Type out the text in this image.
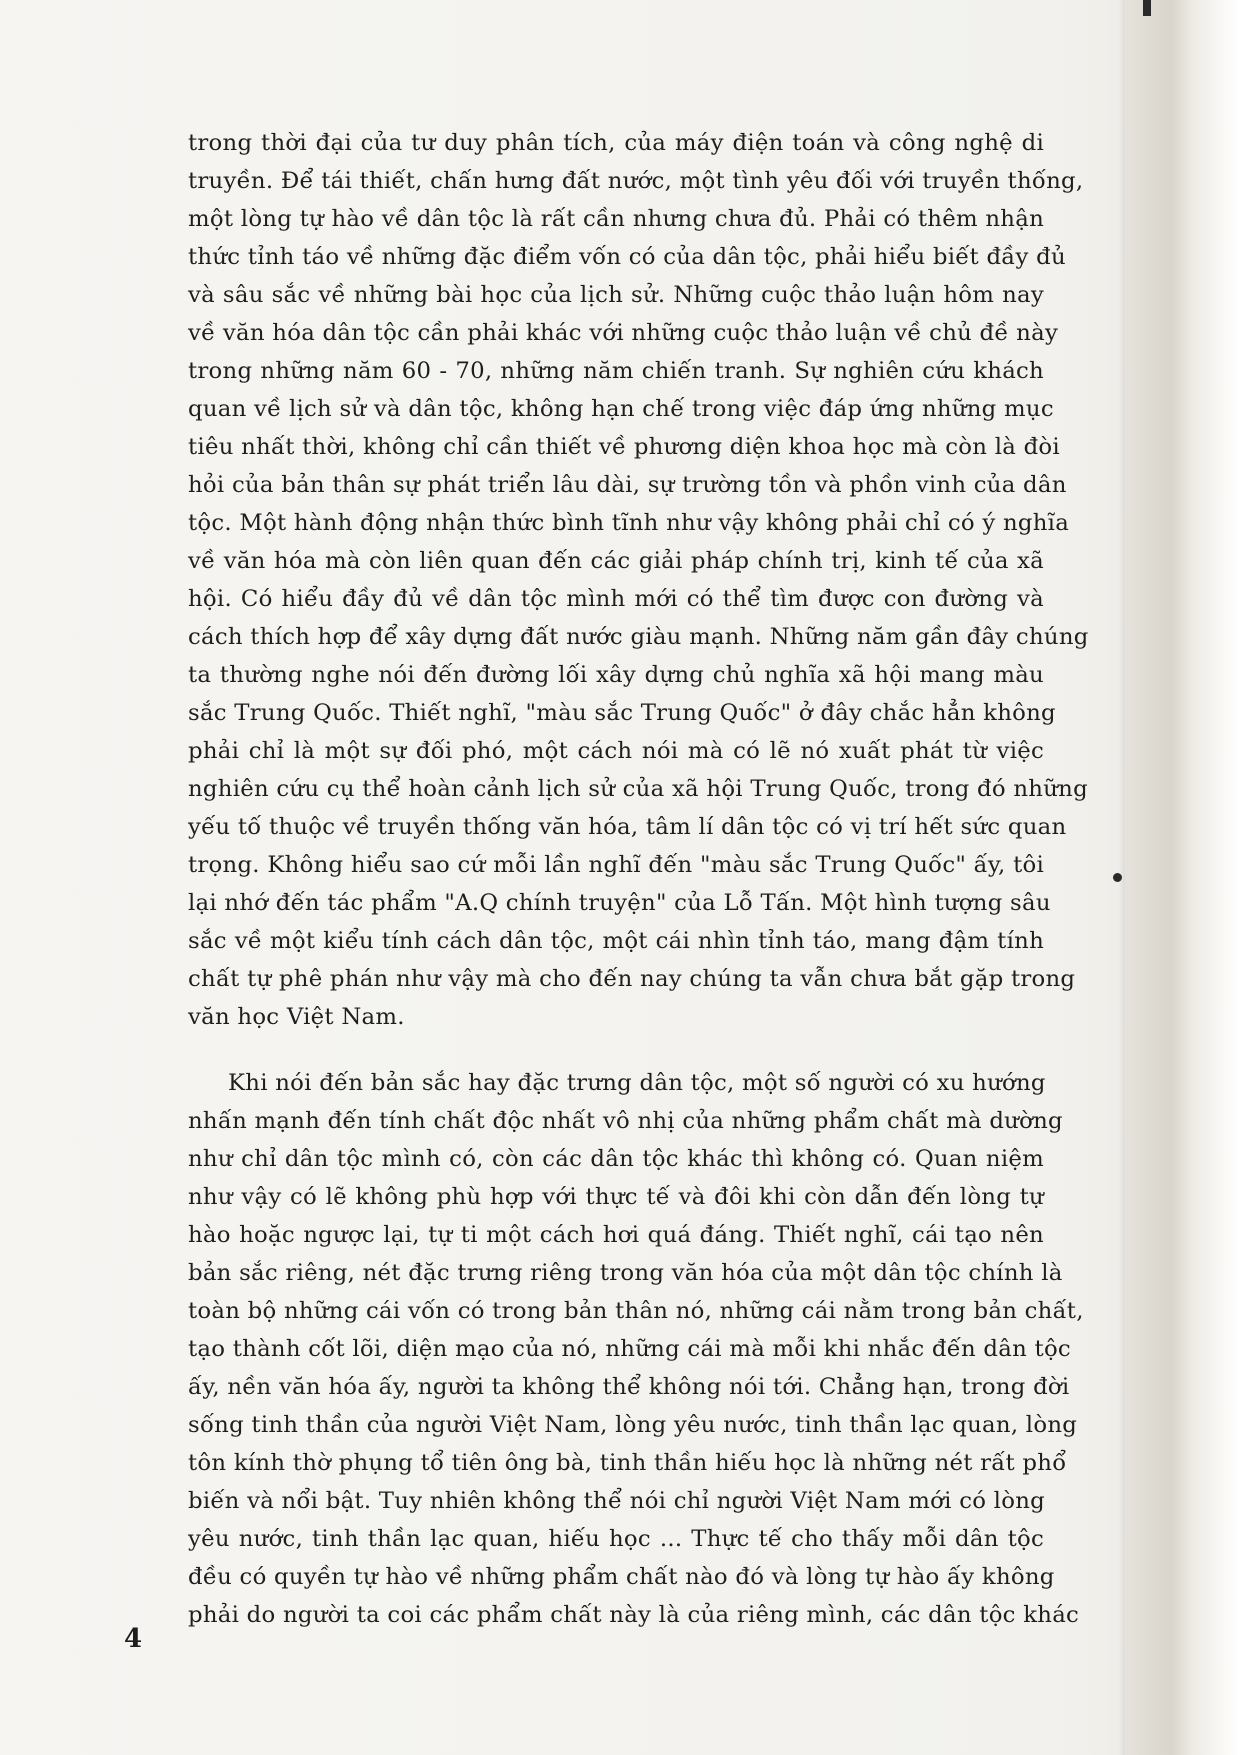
trong thời đại của tư duy phân tích, của máy điện toán và công nghệ di
truyền. Để tái thiết, chấn hưng đất nước, một tình yêu đối với truyền thống,
một lòng tự hào về dân tộc là rất cần nhưng chưa đủ. Phải có thêm nhận
thức tỉnh táo về những đặc điểm vốn có của dân tộc, phải hiểu biết đầy đủ
và sâu sắc về những bài học của lịch sử. Những cuộc thảo luận hôm nay
về văn hóa dân tộc cần phải khác với những cuộc thảo luận về chủ đề này
trong những năm 60 - 70, những năm chiến tranh. Sự nghiên cứu khách
quan về lịch sử và dân tộc, không hạn chế trong việc đáp ứng những mục
tiêu nhất thời, không chỉ cần thiết về phương diện khoa học mà còn là đòi
hỏi của bản thân sự phát triển lâu dài, sự trường tồn và phồn vinh của dân
tộc. Một hành động nhận thức bình tĩnh như vậy không phải chỉ có ý nghĩa
về văn hóa mà còn liên quan đến các giải pháp chính trị, kinh tế của xã
hội. Có hiểu đầy đủ về dân tộc mình mới có thể tìm được con đường và
cách thích hợp để xây dựng đất nước giàu mạnh. Những năm gần đây chúng
ta thường nghe nói đến đường lối xây dựng chủ nghĩa xã hội mang màu
sắc Trung Quốc. Thiết nghĩ, "màu sắc Trung Quốc" ở đây chắc hẳn không
phải chỉ là một sự đối phó, một cách nói mà có lẽ nó xuất phát từ việc
nghiên cứu cụ thể hoàn cảnh lịch sử của xã hội Trung Quốc, trong đó những
yếu tố thuộc về truyền thống văn hóa, tâm lí dân tộc có vị trí hết sức quan
trọng. Không hiểu sao cứ mỗi lần nghĩ đến "màu sắc Trung Quốc" ấy, tôi
lại nhớ đến tác phẩm "A.Q chính truyện" của Lỗ Tấn. Một hình tượng sâu
sắc về một kiểu tính cách dân tộc, một cái nhìn tỉnh táo, mang đậm tính
chất tự phê phán như vậy mà cho đến nay chúng ta vẫn chưa bắt gặp trong
văn học Việt Nam.
Khi nói đến bản sắc hay đặc trưng dân tộc, một số người có xu hướng
nhấn mạnh đến tính chất độc nhất vô nhị của những phẩm chất mà dường
như chỉ dân tộc mình có, còn các dân tộc khác thì không có. Quan niệm
như vậy có lẽ không phù hợp với thực tế và đôi khi còn dẫn đến lòng tự
hào hoặc ngược lại, tự ti một cách hơi quá đáng. Thiết nghĩ, cái tạo nên
bản sắc riêng, nét đặc trưng riêng trong văn hóa của một dân tộc chính là
toàn bộ những cái vốn có trong bản thân nó, những cái nằm trong bản chất,
tạo thành cốt lõi, diện mạo của nó, những cái mà mỗi khi nhắc đến dân tộc
ấy, nền văn hóa ấy, người ta không thể không nói tới. Chẳng hạn, trong đời
sống tinh thần của người Việt Nam, lòng yêu nước, tinh thần lạc quan, lòng
tôn kính thờ phụng tổ tiên ông bà, tinh thần hiếu học là những nét rất phổ
biến và nổi bật. Tuy nhiên không thể nói chỉ người Việt Nam mới có lòng
yêu nước, tinh thần lạc quan, hiếu học ... Thực tế cho thấy mỗi dân tộc
đều có quyền tự hào về những phẩm chất nào đó và lòng tự hào ấy không
phải do người ta coi các phẩm chất này là của riêng mình, các dân tộc khác
4
